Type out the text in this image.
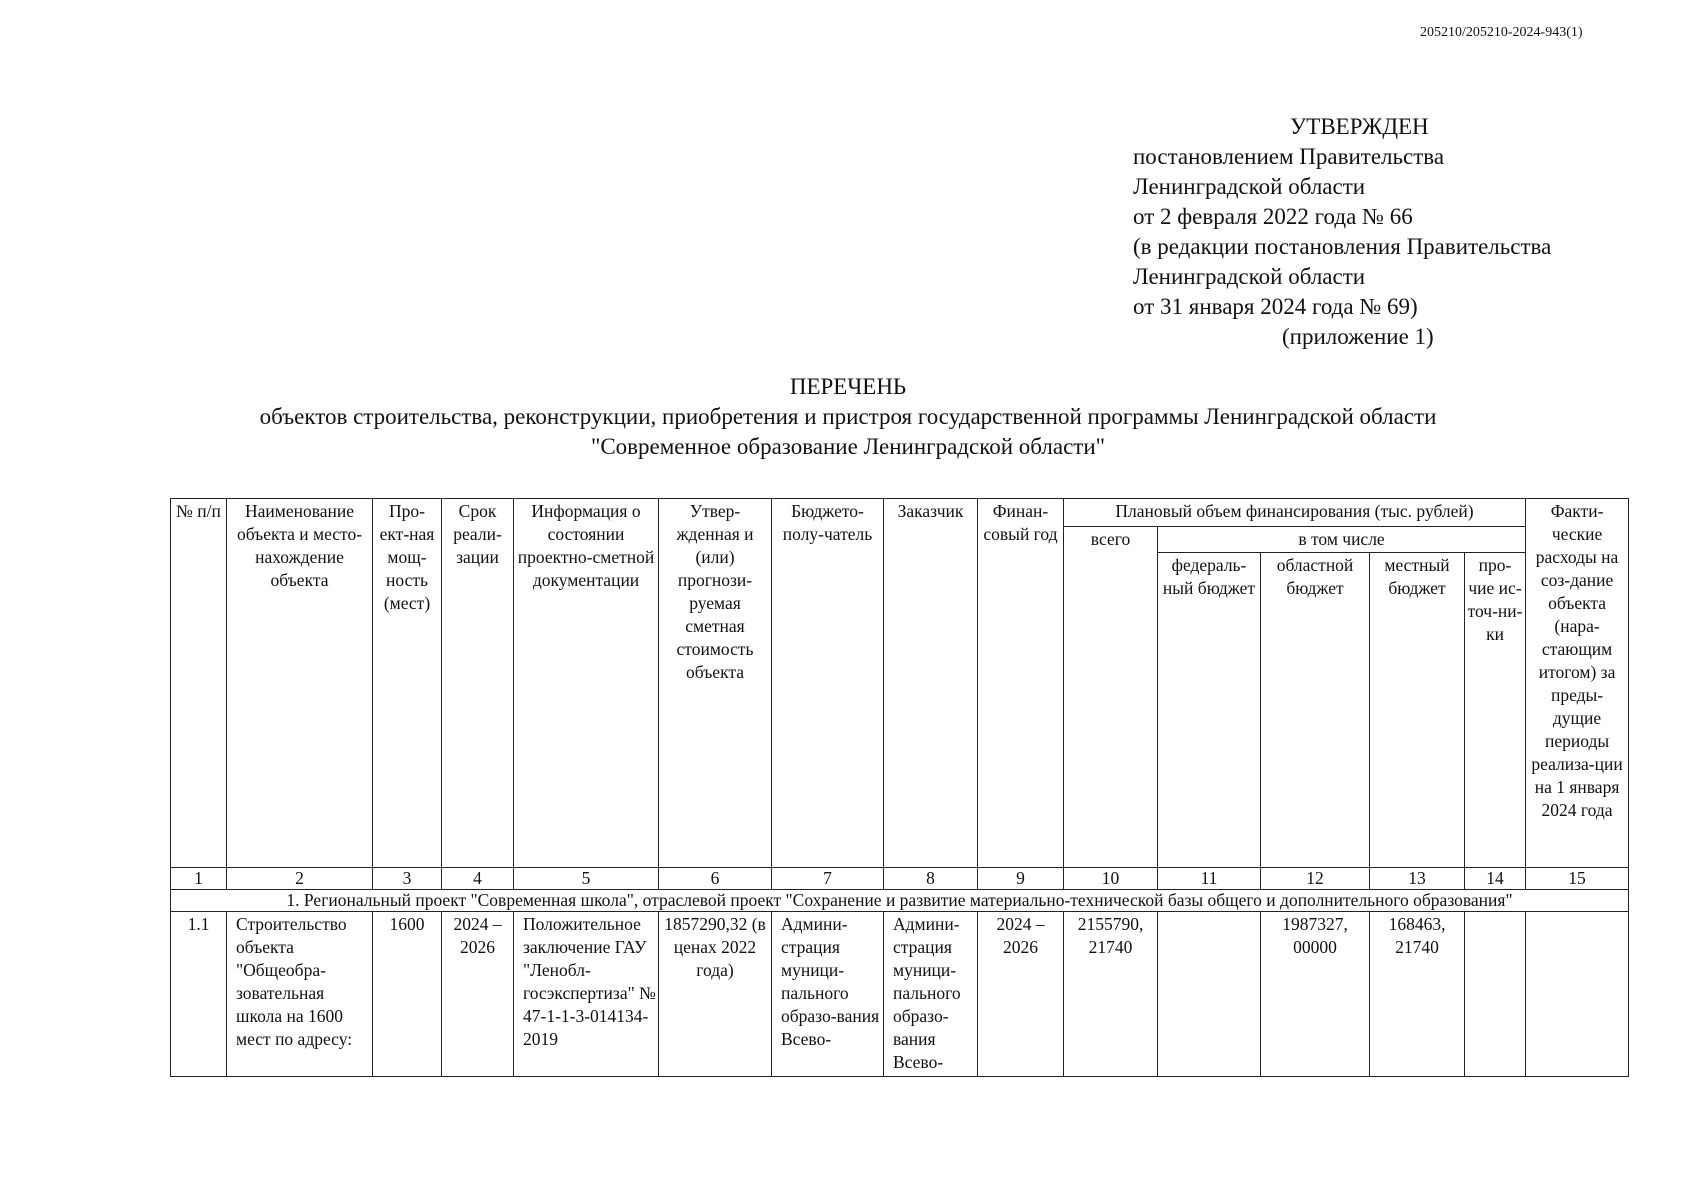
205210/205210-2024-943(1)
УТВЕРЖДЕН
постановлением Правительства
Ленинградской области
от 2 февраля 2022 года № 66
(в редакции постановления Правительства
Ленинградской области
от 31 января 2024 года № 69)
(приложение 1)
ПЕРЕЧЕНЬ
объектов строительства, реконструкции, приобретения и пристроя государственной программы Ленинградской области
"Современное образование Ленинградской области"
№ п/п	Наименование объекта и место-нахождение объекта	Про-ект-ная мощ-ность (мест)	Срок реали-зации	Информация о состоянии проектно-сметной документации	Утвер-жденная и (или) прогнози-руемая сметная стоимость объекта	Бюджето-полу-чатель	Заказчик	Финан-совый год	Плановый объем финансирования (тыс. рублей)					Факти-ческие расходы на соз-дание объекта (нара-стающим итогом) за преды-дущие периоды реализа-ции на 1 января 2024 года
									всего	в том числе				
										федераль-ный бюджет	областной бюджет	местный бюджет	про-чие ис-точ-ни-ки	
1	2	3	4	5	6	7	8	9	10	11	12	13	14	15
1. Региональный проект "Современная школа", отраслевой проект "Сохранение и развитие материально-технической базы общего и дополнительного образования"														
1.1	Строительство объекта "Общеобра-зовательная школа на 1600 мест по адресу:	1600	2024 – 2026	Положительное заключение ГАУ "Ленобл-госэкспертиза" № 47-1-1-3-014134-2019	1857290,32 (в ценах 2022 года)	Админи-страция муници-пального образо-вания Всево-	Админи-страция муници-пального образо-вания Всево-	2024 – 2026	2155790, 21740		1987327, 00000	168463, 21740		
